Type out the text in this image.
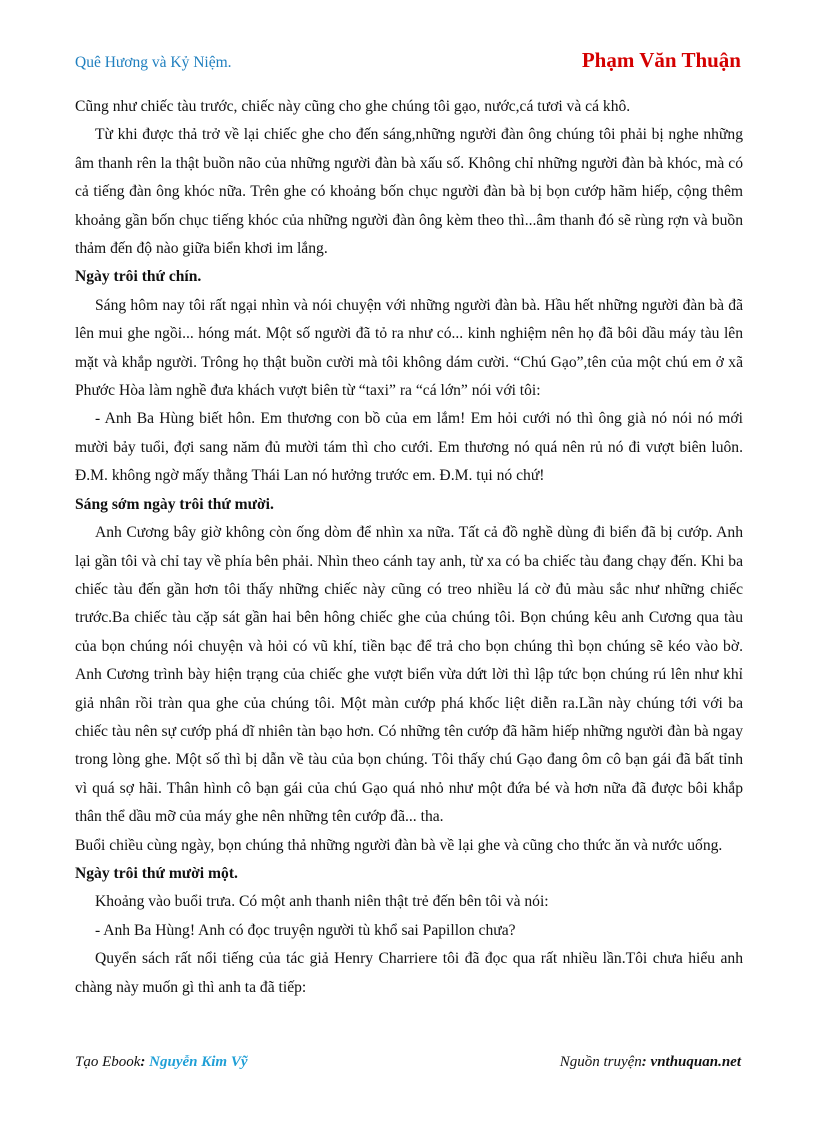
Quê Hương và Kỷ Niệm.	Phạm Văn Thuận

Cũng như chiếc tàu trước, chiếc này cũng cho ghe chúng tôi gạo, nước,cá tươi và cá khô.

Từ khi được thả trở về lại chiếc ghe cho đến sáng,những người đàn ông chúng tôi phải bị nghe những âm thanh rên la thật buồn não của những người đàn bà xấu số. Không chỉ những người đàn bà khóc, mà có cả tiếng đàn ông khóc nữa. Trên ghe có khoảng bốn chục người đàn bà bị bọn cướp hãm hiếp, cộng thêm khoảng gần bốn chục tiếng khóc của những người đàn ông kèm theo thì...âm thanh đó sẽ rùng rợn và buồn thảm đến độ nào giữa biển khơi im lắng.

Ngày trôi thứ chín.

Sáng hôm nay tôi rất ngại nhìn và nói chuyện với những người đàn bà. Hầu hết những người đàn bà đã lên mui ghe ngồi... hóng mát. Một số người đã tỏ ra như có... kinh nghiệm nên họ đã bôi dầu máy tàu lên mặt và khắp người. Trông họ thật buồn cười mà tôi không dám cười. “Chú Gạo”,tên của một chú em ở xã Phước Hòa làm nghề đưa khách vượt biên từ “taxi” ra “cá lớn” nói với tôi:

- Anh Ba Hùng biết hôn. Em thương con bồ của em lắm! Em hỏi cưới nó thì ông già nó nói nó mới mười bảy tuổi, đợi sang năm đủ mười tám thì cho cưới. Em thương nó quá nên rủ nó đi vượt biên luôn. Đ.M. không ngờ mấy thằng Thái Lan nó hưởng trước em. Đ.M. tụi nó chứ!

Sáng sớm ngày trôi thứ mười.

Anh Cương bây giờ không còn ống dòm để nhìn xa nữa. Tất cả đồ nghề dùng đi biển đã bị cướp. Anh lại gần tôi và chỉ tay về phía bên phải. Nhìn theo cánh tay anh, từ xa có ba chiếc tàu đang chạy đến. Khi ba chiếc tàu đến gần hơn tôi thấy những chiếc này cũng có treo nhiều lá cờ đủ màu sắc như những chiếc trước.Ba chiếc tàu cặp sát gần hai bên hông chiếc ghe của chúng tôi. Bọn chúng kêu anh Cương qua tàu của bọn chúng nói chuyện và hỏi có vũ khí, tiền bạc để trả cho bọn chúng thì bọn chúng sẽ kéo vào bờ. Anh Cương trình bày hiện trạng của chiếc ghe vượt biển vừa dứt lời thì lập tức bọn chúng rú lên như khỉ giả nhân rồi tràn qua ghe của chúng tôi. Một màn cướp phá khốc liệt diễn ra.Lần này chúng tới với ba chiếc tàu nên sự cướp phá dĩ nhiên tàn bạo hơn. Có những tên cướp đã hãm hiếp những người đàn bà ngay trong lòng ghe. Một số thì bị dẫn về tàu của bọn chúng. Tôi thấy chú Gạo đang ôm cô bạn gái đã bất tỉnh vì quá sợ hãi. Thân hình cô bạn gái của chú Gạo quá nhỏ như một đứa bé và hơn nữa đã được bôi khắp thân thể dầu mỡ của máy ghe nên những tên cướp đã... tha.

Buổi chiều cùng ngày, bọn chúng thả những người đàn bà về lại ghe và cũng cho thức ăn và nước uống.

Ngày trôi thứ mười một.

Khoảng vào buổi trưa. Có một anh thanh niên thật trẻ đến bên tôi và nói:

- Anh Ba Hùng! Anh có đọc truyện người tù khổ sai Papillon chưa?

Quyển sách rất nổi tiếng của tác giả Henry Charriere tôi đã đọc qua rất nhiều lần.Tôi chưa hiểu anh chàng này muốn gì thì anh ta đã tiếp:

Tạo Ebook: Nguyễn Kim Vỹ	Nguồn truyện: vnthuquan.net
